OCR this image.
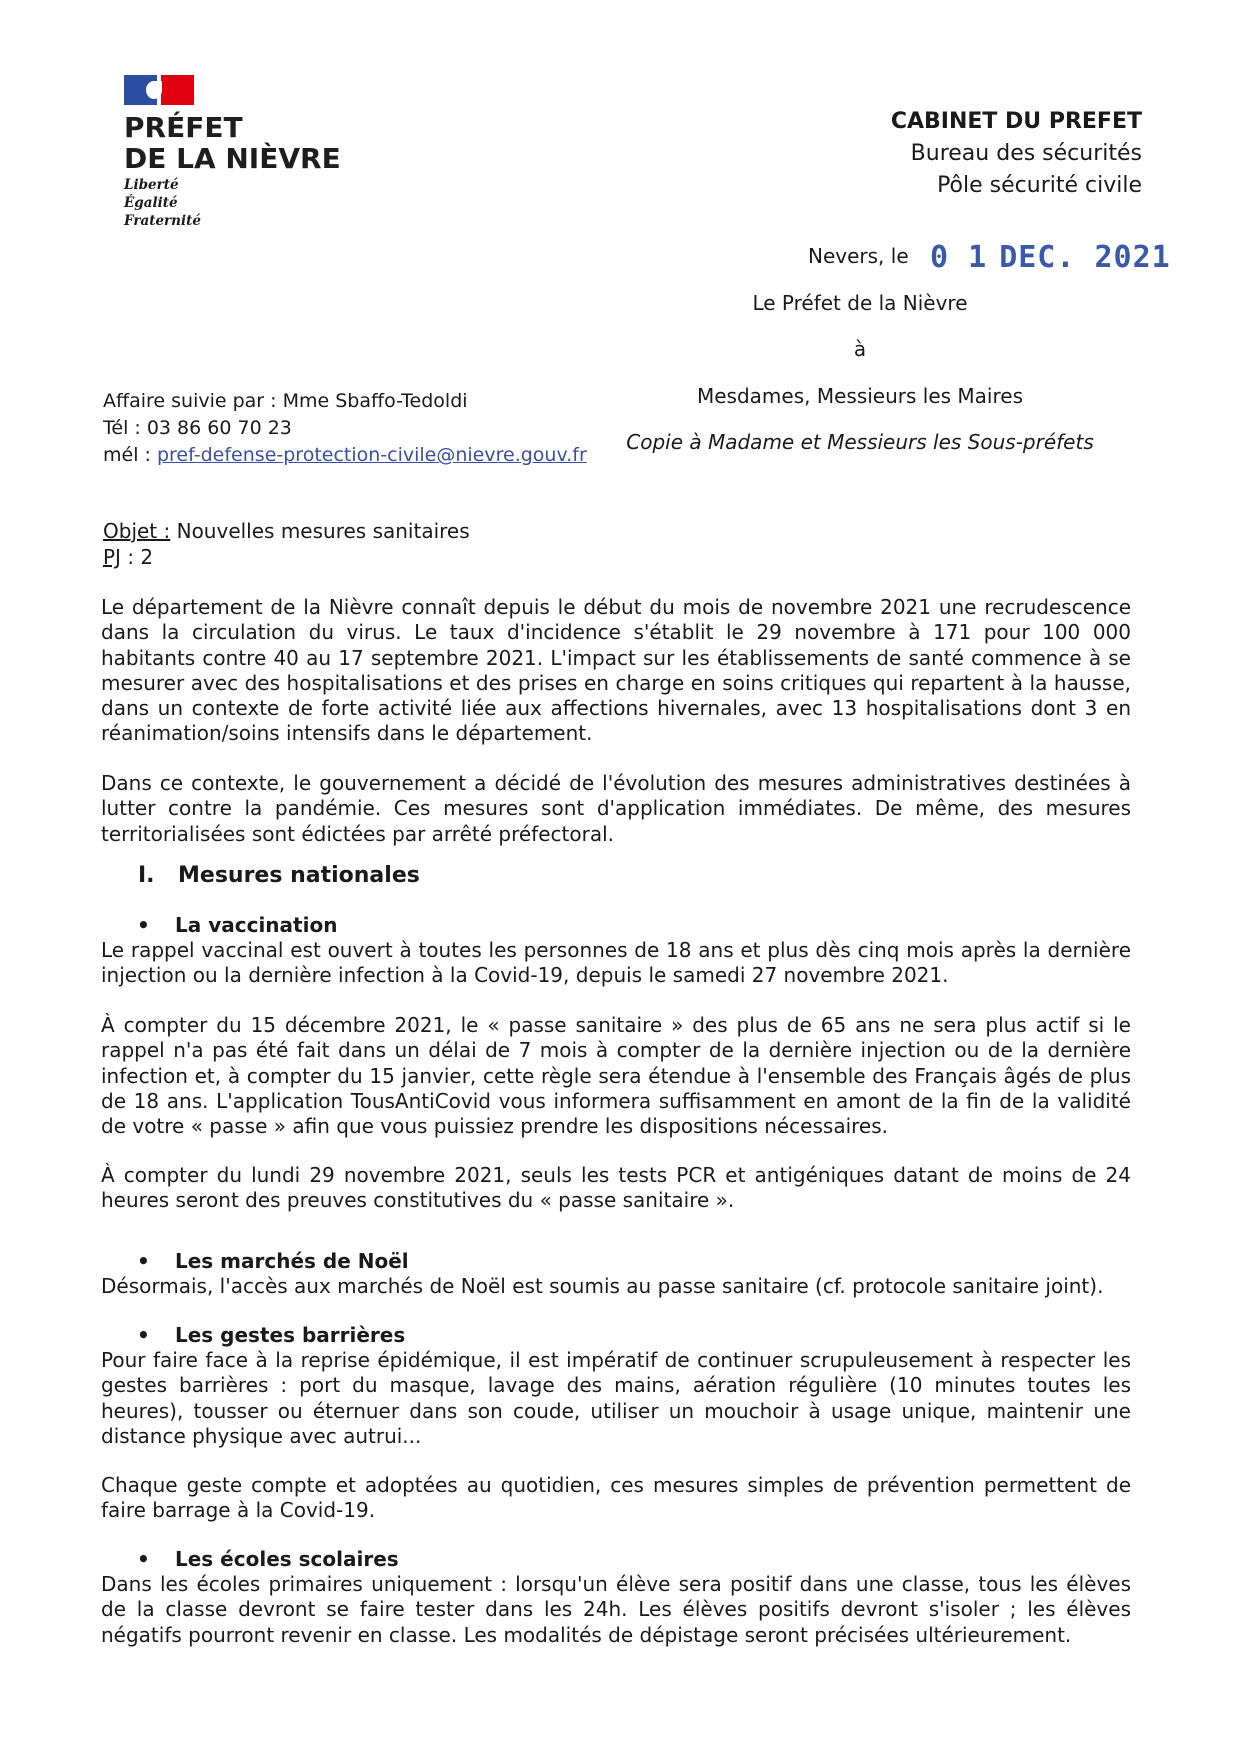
PRÉFET
DE LA NIÈVRE
Liberté
Égalité
Fraternité
CABINET DU PREFET
Bureau des sécurités
Pôle sécurité civile
Nevers, le 0 1 DEC. 2021
Le Préfet de la Nièvre
à
Mesdames, Messieurs les Maires
Copie à Madame et Messieurs les Sous-préfets
Affaire suivie par : Mme Sbaffo-Tedoldi
Tél : 03 86 60 70 23
mél : pref-defense-protection-civile@nievre.gouv.fr
Objet : Nouvelles mesures sanitaires
PJ : 2
Le département de la Nièvre connaît depuis le début du mois de novembre 2021 une recrudescence dans la circulation du virus. Le taux d'incidence s'établit le 29 novembre à 171 pour 100 000 habitants contre 40 au 17 septembre 2021. L'impact sur les établissements de santé commence à se mesurer avec des hospitalisations et des prises en charge en soins critiques qui repartent à la hausse, dans un contexte de forte activité liée aux affections hivernales, avec 13 hospitalisations dont 3 en réanimation/soins intensifs dans le département.
Dans ce contexte, le gouvernement a décidé de l'évolution des mesures administratives destinées à lutter contre la pandémie. Ces mesures sont d'application immédiates. De même, des mesures territorialisées sont édictées par arrêté préfectoral.
I. Mesures nationales
• La vaccination
Le rappel vaccinal est ouvert à toutes les personnes de 18 ans et plus dès cinq mois après la dernière injection ou la dernière infection à la Covid-19, depuis le samedi 27 novembre 2021.
À compter du 15 décembre 2021, le « passe sanitaire » des plus de 65 ans ne sera plus actif si le rappel n'a pas été fait dans un délai de 7 mois à compter de la dernière injection ou de la dernière infection et, à compter du 15 janvier, cette règle sera étendue à l'ensemble des Français âgés de plus de 18 ans. L'application TousAntiCovid vous informera suffisamment en amont de la fin de la validité de votre « passe » afin que vous puissiez prendre les dispositions nécessaires.
À compter du lundi 29 novembre 2021, seuls les tests PCR et antigéniques datant de moins de 24 heures seront des preuves constitutives du « passe sanitaire ».
• Les marchés de Noël
Désormais, l'accès aux marchés de Noël est soumis au passe sanitaire (cf. protocole sanitaire joint).
• Les gestes barrières
Pour faire face à la reprise épidémique, il est impératif de continuer scrupuleusement à respecter les gestes barrières : port du masque, lavage des mains, aération régulière (10 minutes toutes les heures), tousser ou éternuer dans son coude, utiliser un mouchoir à usage unique, maintenir une distance physique avec autrui...
Chaque geste compte et adoptées au quotidien, ces mesures simples de prévention permettent de faire barrage à la Covid-19.
• Les écoles scolaires
Dans les écoles primaires uniquement : lorsqu'un élève sera positif dans une classe, tous les élèves de la classe devront se faire tester dans les 24h. Les élèves positifs devront s'isoler ; les élèves négatifs pourront revenir en classe. Les modalités de dépistage seront précisées ultérieurement.
